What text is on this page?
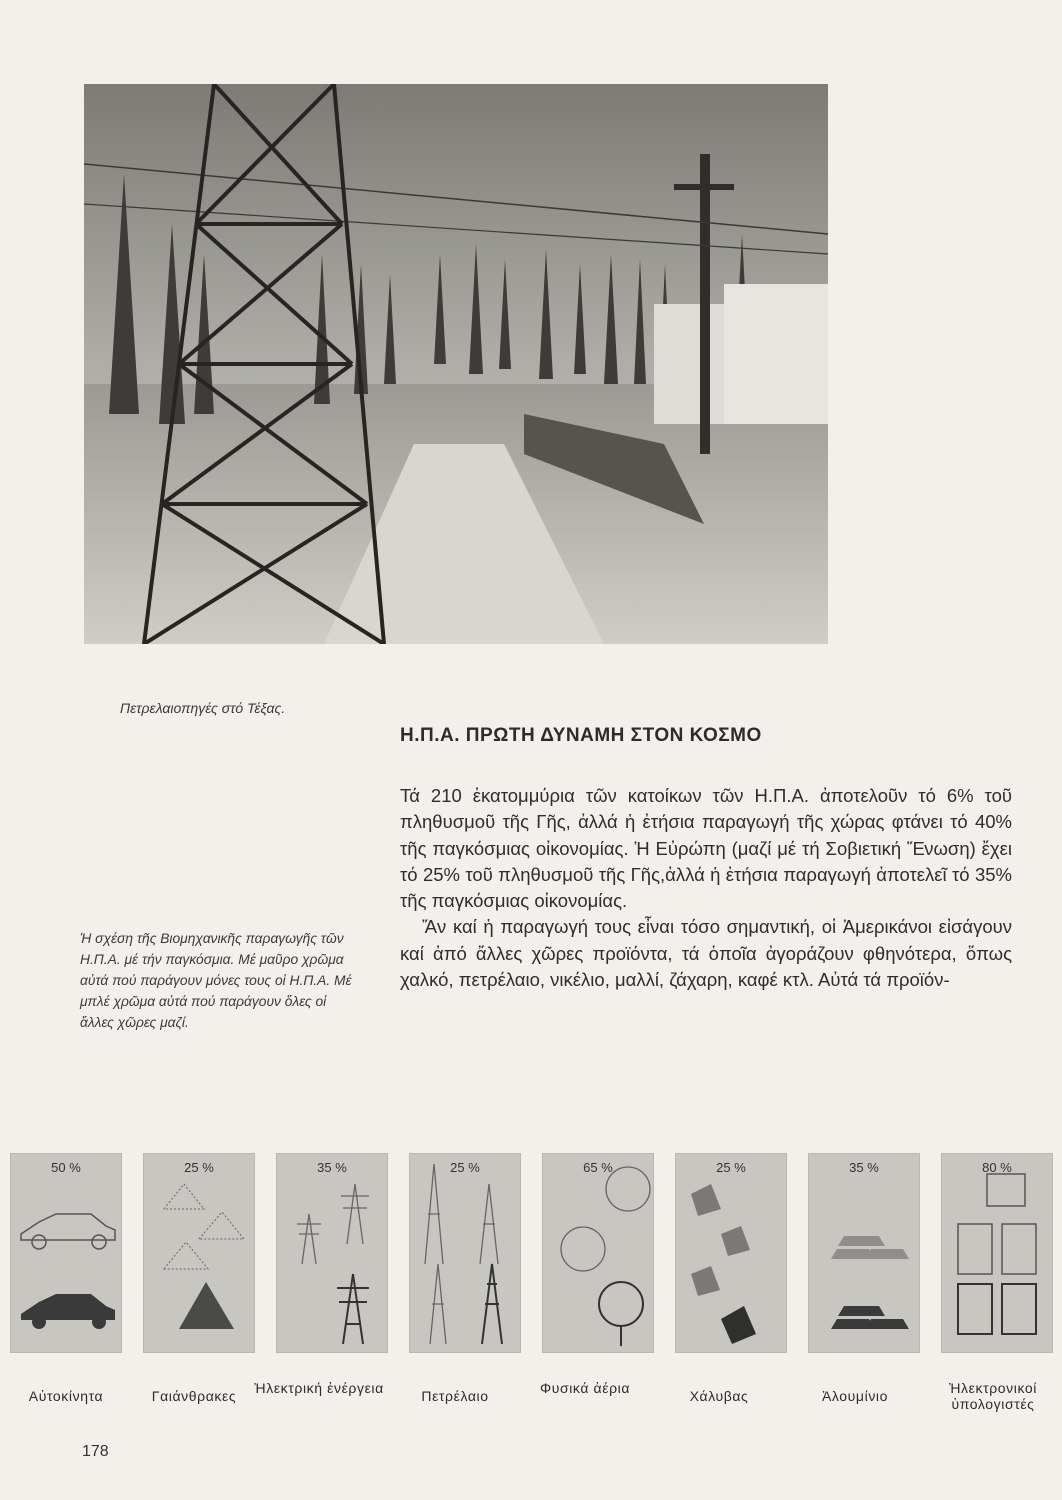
Πετρελαιοπηγές στό Τέξας.
Η.Π.Α. ΠΡΩΤΗ ΔΥΝΑΜΗ ΣΤΟΝ ΚΟΣΜΟ

Τά 210 ἑκατομμύρια τῶν κατοίκων τῶν Η.Π.Α. ἀποτελοῦν τό 6% τοῦ πληθυσμοῦ τῆς Γῆς, ἀλλά ἡ ἐτήσια παραγωγή τῆς χώρας φτάνει τό 40% τῆς παγκόσμιας οἰκονομίας. Ἡ Εὐρώπη (μαζί μέ τή Σοβιετική Ἕνωση) ἔχει τό 25% τοῦ πληθυσμοῦ τῆς Γῆς,ἀλλά ἡ ἐτήσια παραγωγή ἀποτελεῖ τό 35% τῆς παγκόσμιας οἰκονομίας.

Ἄν καί ἡ παραγωγή τους εἶναι τόσο σημαντική, οἱ Ἀμερικάνοι εἰσάγουν καί ἀπό ἄλλες χῶρες προϊόντα, τά ὁποῖα ἀγοράζουν φθηνότερα, ὅπως χαλκό, πετρέλαιο, νικέλιο, μαλλί, ζάχαρη, καφέ κτλ. Αὐτά τά προϊόν-

Ἡ σχέση τῆς Βιομηχανικῆς παραγωγῆς τῶν Η.Π.Α. μέ τήν παγκόσμια. Μέ μαῦρο χρῶμα αὐτά πού παράγουν μόνες τους οἱ Η.Π.Α. Μέ μπλέ χρῶμα αὐτά πού παράγουν ὅλες οἱ ἄλλες χῶρες μαζί.
50 %	25 %	35 %	25 %	65 %	25 %	35 %	80 %
Αὐτοκίνητα	Γαιάνθρακες	Ἠλεκτρική ἐνέργεια	Πετρέλαιο	Φυσικά ἀέρια	Χάλυβας	Ἀλουμίνιο	Ἠλεκτρονικοί ὑπολογιστές
178
